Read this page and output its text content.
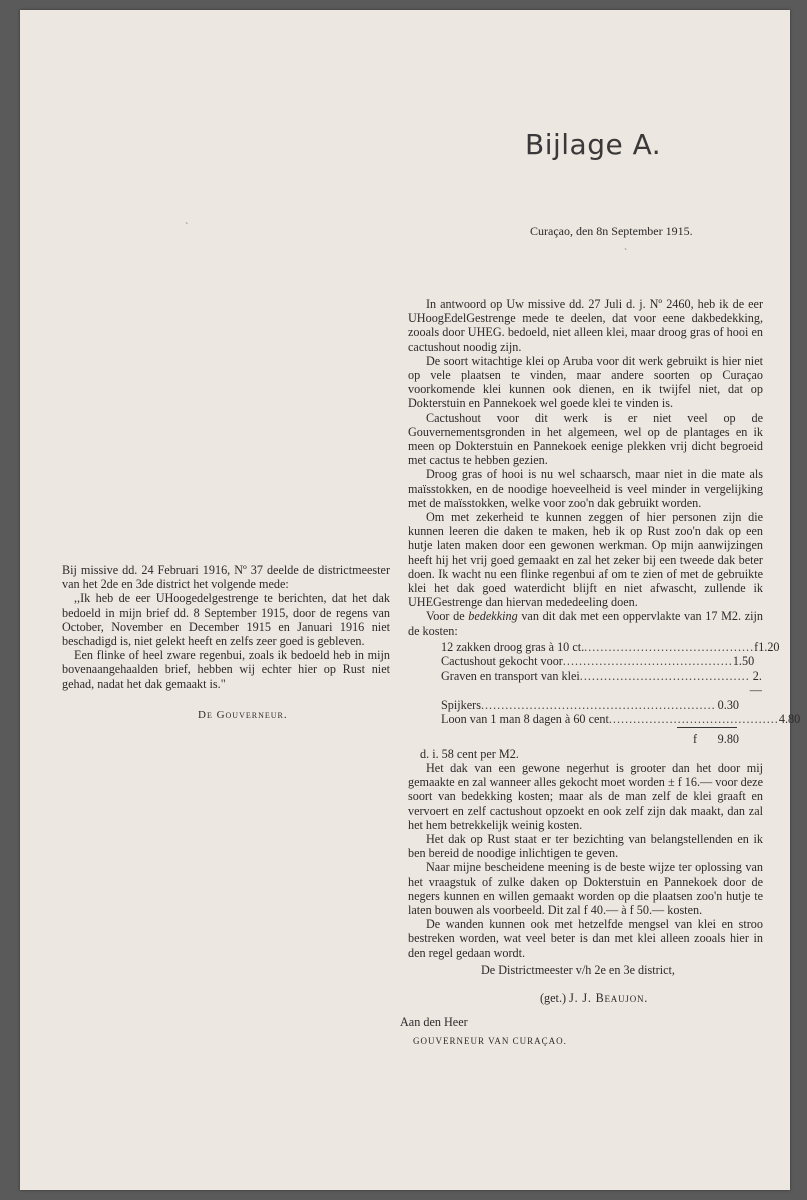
Bijlage A.
Curaçao, den 8n September 1915.
`
`

Bij missive dd. 24 Februari 1916, Nº 37 deelde de districtmeester van het 2de en 3de district het volgende mede:

,,Ik heb de eer UHoogedelgestrenge te berichten, dat het dak bedoeld in mijn brief dd. 8 September 1915, door de regens van October, November en December 1915 en Januari 1916 niet beschadigd is, niet gelekt heeft en zelfs zeer goed is gebleven.

Een flinke of heel zware regenbui, zoals ik bedoeld heb in mijn bovenaangehaalden brief, hebben wij echter hier op Rust niet gehad, nadat het dak gemaakt is."

De Gouverneur.

In antwoord op Uw missive dd. 27 Juli d. j. Nº 2460, heb ik de eer UHoogEdelGestrenge mede te deelen, dat voor eene dakbedekking, zooals door UHEG. bedoeld, niet alleen klei, maar droog gras of hooi en cactushout noodig zijn.

De soort witachtige klei op Aruba voor dit werk gebruikt is hier niet op vele plaatsen te vinden, maar andere soorten op Curaçao voorkomende klei kunnen ook dienen, en ik twijfel niet, dat op Dokterstuin en Pannekoek wel goede klei te vinden is.

Cactushout voor dit werk is er niet veel op de Gouvernementsgronden in het algemeen, wel op de plantages en ik meen op Dokterstuin en Pannekoek eenige plekken vrij dicht begroeid met cactus te hebben gezien.

Droog gras of hooi is nu wel schaarsch, maar niet in die mate als maïsstokken, en de noodige hoeveelheid is veel minder in vergelijking met de maïsstokken, welke voor zoo'n dak gebruikt worden.

Om met zekerheid te kunnen zeggen of hier personen zijn die kunnen leeren die daken te maken, heb ik op Rust zoo'n dak op een hutje laten maken door een gewonen werkman. Op mijn aanwijzingen heeft hij het vrij goed gemaakt en zal het zeker bij een tweede dak beter doen. Ik wacht nu een flinke regenbui af om te zien of met de gebruikte klei het dak goed waterdicht blijft en niet afwascht, zullende ik UHEGestrenge dan hiervan mededeeling doen.

Voor de bedekking van dit dak met een oppervlakte van 17 M2. zijn de kosten:

12 zakken droog gras à 10 ct. .......................................... f 1.20
Cactushout gekocht voor .......................................... 1.50
Graven en transport van klei .......................................... 2.—
Spijkers .......................................................... 0.30
Loon van 1 man 8 dagen à 60 cent .......................................... 4.80
f	9.80

d. i. 58 cent per M2.

Het dak van een gewone negerhut is grooter dan het door mij gemaakte en zal wanneer alles gekocht moet worden ± f 16.— voor deze soort van bedekking kosten; maar als de man zelf de klei graaft en vervoert en zelf cactushout opzoekt en ook zelf zijn dak maakt, dan zal het hem betrekkelijk weinig kosten.

Het dak op Rust staat er ter bezichting van belangstellenden en ik ben bereid de noodige inlichtigen te geven.

Naar mijne bescheidene meening is de beste wijze ter oplossing van het vraagstuk of zulke daken op Dokterstuin en Pannekoek door de negers kunnen en willen gemaakt worden op die plaatsen zoo'n hutje te laten bouwen als voorbeeld. Dit zal f 40.— à f 50.— kosten.

De wanden kunnen ook met hetzelfde mengsel van klei en stroo bestreken worden, wat veel beter is dan met klei alleen zooals hier in den regel gedaan wordt.

De Districtmeester v/h 2e en 3e district,
(get.) J. J. Beaujon.
Aan den Heer
GOUVERNEUR VAN CURAÇAO.
